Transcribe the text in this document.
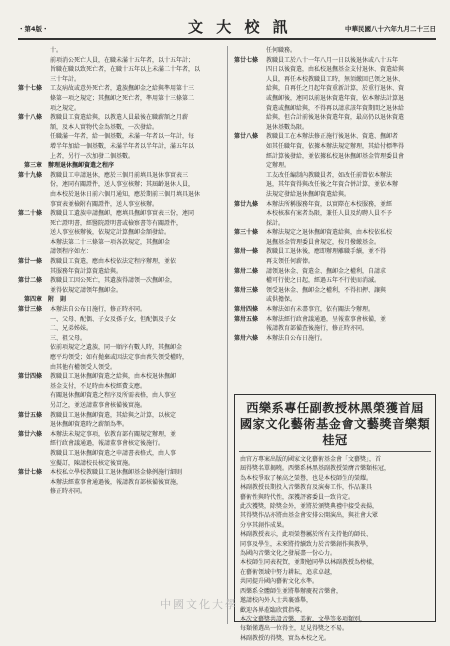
・第4版・	文 大 校 訊	中華民國八十六年九月二十三日
十。
前項消公死亡人員，在職未滿十五年者，以十五年計；
旨職在職以致死亡者，在職十五年以上未滿二十年者，以
三十年計。
第十七條	工友病故或意外死亡者，遺族撫卹金之給與準用第十三
條第一項之規定；其撫卹之死亡者，準用第十三條第二
項之規定。
第十八條	教職員工資遣給與，以教遣人員最後在職薪額之月薪
額，及本人實物代金為基數，一次發給。
任職滿一年者，給一個基數，未滿一年者以一年計，每
增半年加給一個基數，未滿半年者以半年計，滿五年以
上者，另行一次加發二個基數。
第三章　辦理退休撫卹資遣之程序
第十九條	教職員工申請退休，應於三個月前填具退休事實表三
份，連同有關證件，送人事室核辦；其屆齡退休人員，
由本校於退休日前六個月通知，應於期前三個月填具退休
事實表並檢附有關證件，送人事室核辦。
第二十條	教職員工遺族申請撫卹，應填具撫卹事實表三份，連同
死亡證明書，經醫院證明書或檢察書等有關證件，
送人事室核辦後，依規定計算撫卹金額發給。
本辦法第二十三條第一項各款規定，其撫卹金
請領程序如左：
第廿一條	教職員工資遣，應由本校依法定程序辦理，並依
其服務年資計算資遣給與。
第廿二條	教職員工因公死亡，其遺族得請領一次撫卹金，
並得依規定請領年撫卹金。
第四章　附　則
第廿三條	本辦法自公布日施行，修正時亦同。
一、父母、配偶、子女及孫子女，但配偶及子女
二、兄弟姊妹。
三、祖父母。
依前項規定之遺族，同一順序有數人時，其撫卹金
應平均領受；如有拋棄或因法定事由喪失領受權時，
由其他有權領受人領受。
第廿四條	教職員工退休撫卹資遣之給與，由本校退休撫卹
基金支付，不足時由本校經費支應。
有關退休撫卹資遣之程序及所需表格，由人事室
另訂之，並送請董事會核備後實施。
第廿五條	教職員工退休撫卹資遣，其給與之計算，以核定
退休撫卹資遣時之薪額為準。
第廿六條	本辦法未規定事項，依教育部有關規定辦理，並
經行政會議通過，報請董事會核定後施行。
教職員工退休撫卹資遣之申請書表格式，由人事
室擬訂，陳請校長核定後實施。
第廿七條	本校私立學校教職員工退休撫卹基金條例施行細則
本辦法經董事會通過後，報請教育部核備後實施，
修正時亦同。
任何職務。
第廿七條	教職員工於八十一年八月一日以後退休或八十五年
四日以後資遣，由私校退撫基金支付退休、資遣給與
人員，再任本校教職員工時，無須繳回已領之退休、
給與，自再任之月起年資重新計算，於重行退休、資
或撫卹後，連同以前退休資遣年資，依本辦法計算退
資遣或撫卹給與，不得再以請求該年資期間之退休給
給與，但合計前後退休資遣年資，最高仍以退休資遣
退休基數為限。
第廿八條	教職員工在本辦法修正施行後退休、資遣、撫卹者
如其任職年資，依據本辦法規定辦理，其給付標準得
經計算後發給，並依據私校退休撫卹基金管理委員會
定辦理。
工友改任編制內教職員者，如改任前曾依本辦法
退，其年資得與改任後之年資合併計算，並依本辦
法規定發給退休撫卹資遣給與。
第廿九條	本辦法所稱服務年資，以實際在本校服務，並經
本校核准有案者為限，兼任人員及約聘人員不予
採計。
第三十條	本辦法規定之退休撫卹資遣給與，由本校依私校
退撫基金管理委員會規定，按月撥繳基金。
第卅一條	教職員工退休後，應即辦理離職手續，並不得
再支領任何薪俸。
第卅二條	請領退休金、資遣金、撫卹金之權利，自請求
權可行使之日起，經過五年不行使而消滅。
第卅三條	領受退休金、撫卹金之權利，不得扣押、讓與
或供擔保。
第卅四條	本辦法如有未盡事宜，依有關法令辦理。
第卅五條	本辦法經行政會議通過，呈報董事會核備，並
報請教育部備查後施行，修正時亦同。
第卅六條	本辦法自公布日施行。
西樂系專任副教授林黑榮獲首屆
國家文化藝術基金會文藝獎音樂類桂冠
由官方專案出版的國家文化藝術基金會「文藝獎」，首
屆得獎名單揭曉。西樂系林黑基副教授榮膺音樂類桂冠，
為本校爭取了極高之榮譽，也是本校師生的榮耀。
林副教授長期投入音樂教育及演奏工作，作品兼具
藝術性與時代性，深獲評審委員一致肯定。
此次獲獎，除獎金外，並將於頒獎典禮中接受表揚，
其得獎作品亦將由基金會安排公開演出，與社會大眾
分享其創作成果。
林副教授表示，此項榮譽屬於所有支持他的師長、
同事及學生，未來將持續致力於音樂創作與教學，
為國內音樂文化之發展盡一份心力。
本校師生同表祝賀，並期勉同學以林副教授為榜樣，
在藝術領域中努力耕耘，追求卓越，
共同提升國內藝術文化水準。
西樂系全體師生並將舉辦慶祝音樂會，
邀請校內外人士共襄盛舉，
歡迎各界蒞臨欣賞指導。
本次文藝獎共設音樂、美術、文學等多項類別，
每類僅選出一位得主，足見得獎之不易。
林副教授的得獎，實為本校之光。
中國文化大學
